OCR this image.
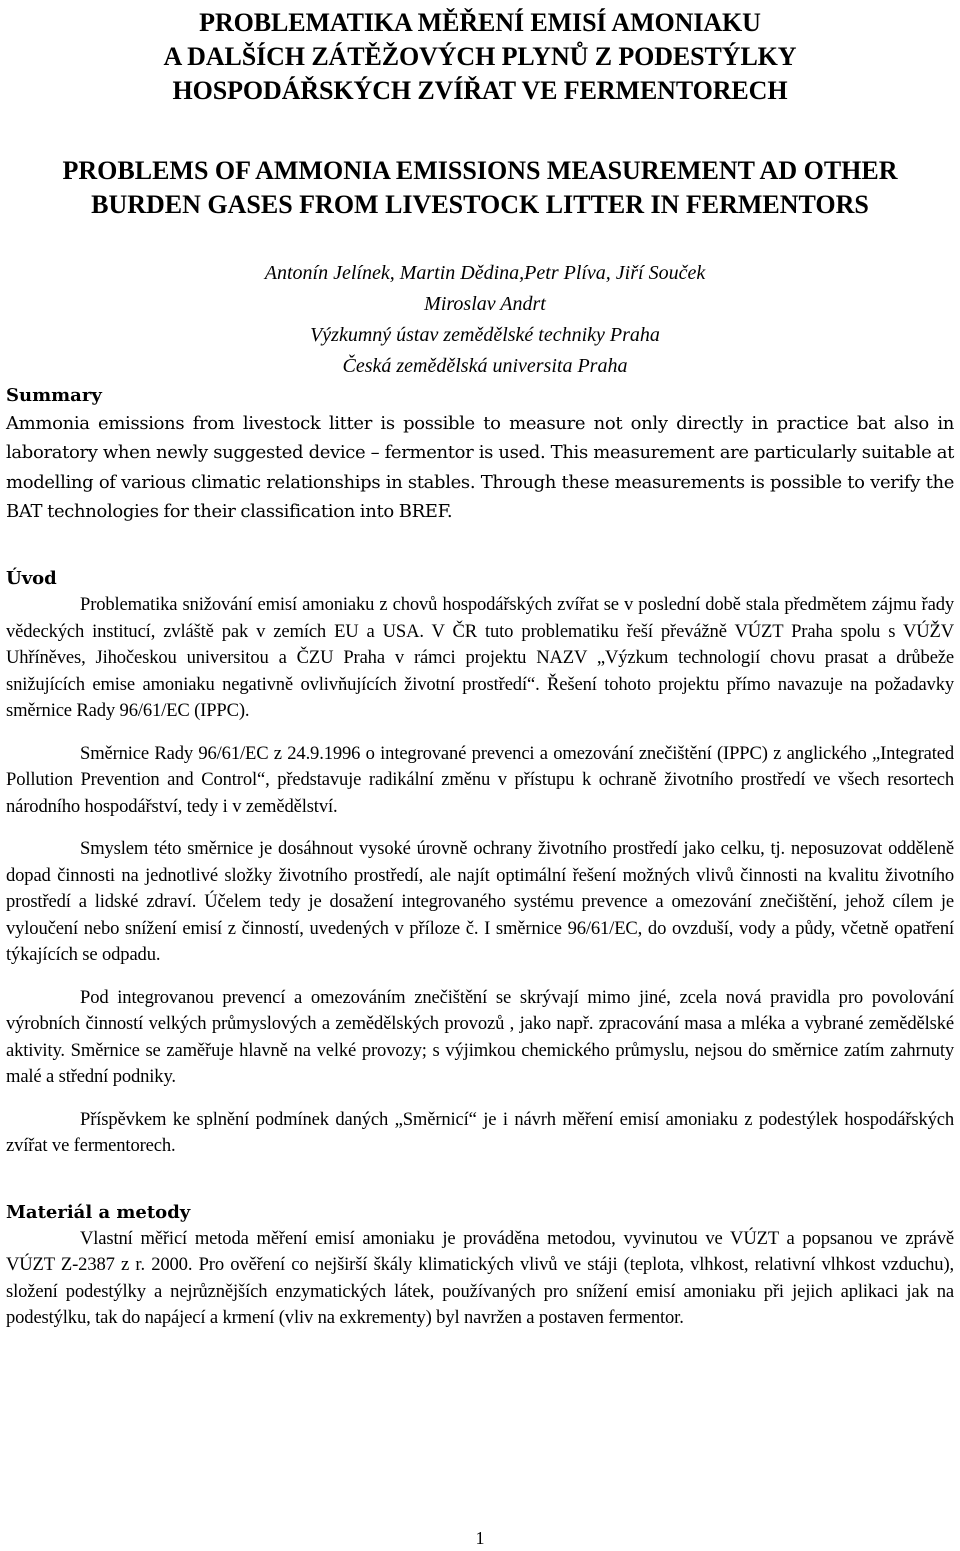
PROBLEMATIKA MĚŘENÍ EMISÍ AMONIAKU
A DALŠÍCH ZÁTĚŽOVÝCH PLYNŮ Z PODESTÝLKY
HOSPODÁŘSKÝCH ZVÍŘAT VE FERMENTORECH
PROBLEMS OF AMMONIA EMISSIONS MEASUREMENT AD OTHER
BURDEN GASES FROM LIVESTOCK LITTER IN FERMENTORS
Antonín Jelínek, Martin Dědina,Petr Plíva, Jiří Souček
Miroslav Andrt
Výzkumný ústav zemědělské techniky Praha
Česká zemědělská universita Praha
Summary

Ammonia emissions from livestock litter is possible to measure not only directly in practice bat also in laboratory when newly suggested device – fermentor is used. This measurement are particularly suitable at modelling of various climatic relationships in stables. Through these measurements is possible to verify the BAT technologies for their classification into BREF.

Úvod

Problematika snižování emisí amoniaku z chovů hospodářských zvířat se v poslední době stala předmětem zájmu řady vědeckých institucí, zvláště pak v zemích EU a USA. V ČR tuto problematiku řeší převážně VÚZT Praha spolu s VÚŽV Uhříněves, Jihočeskou universitou a ČZU Praha v rámci projektu NAZV „Výzkum technologií chovu prasat a drůbeže snižujících emise amoniaku negativně ovlivňujících životní prostředí“. Řešení tohoto projektu přímo navazuje na požadavky směrnice Rady 96/61/EC (IPPC).

Směrnice Rady 96/61/EC z 24.9.1996 o integrované prevenci a omezování znečištění (IPPC) z anglického „Integrated Pollution Prevention and Control“, představuje radikální změnu v přístupu k ochraně životního prostředí ve všech resortech národního hospodářství, tedy i v zemědělství.

Smyslem této směrnice je dosáhnout vysoké úrovně ochrany životního prostředí jako celku, tj. neposuzovat odděleně dopad činnosti na jednotlivé složky životního prostředí, ale najít optimální řešení možných vlivů činnosti na kvalitu životního prostředí a lidské zdraví. Účelem tedy je dosažení integrovaného systému prevence a omezování znečištění, jehož cílem je vyloučení nebo snížení emisí z činností, uvedených v příloze č. I směrnice 96/61/EC, do ovzduší, vody a půdy, včetně opatření týkajících se odpadu.

Pod integrovanou prevencí a omezováním znečištění se skrývají mimo jiné, zcela nová pravidla pro povolování výrobních činností velkých průmyslových a zemědělských provozů , jako např. zpracování masa a mléka a vybrané zemědělské aktivity. Směrnice se zaměřuje hlavně na velké provozy; s výjimkou chemického průmyslu, nejsou do směrnice zatím zahrnuty malé a střední podniky.

Příspěvkem ke splnění podmínek daných „Směrnicí“ je i návrh měření emisí amoniaku z podestýlek hospodářských zvířat ve fermentorech.

Materiál a metody

Vlastní měřicí metoda měření emisí amoniaku je prováděna metodou, vyvinutou ve VÚZT a popsanou ve zprávě VÚZT Z-2387 z r. 2000. Pro ověření co nejširší škály klimatických vlivů ve stáji (teplota, vlhkost, relativní vlhkost vzduchu), složení podestýlky a nejrůznějších enzymatických látek, používaných pro snížení emisí amoniaku při jejich aplikaci jak na podestýlku, tak do napájecí a krmení (vliv na exkrementy) byl navržen a postaven fermentor.

1
